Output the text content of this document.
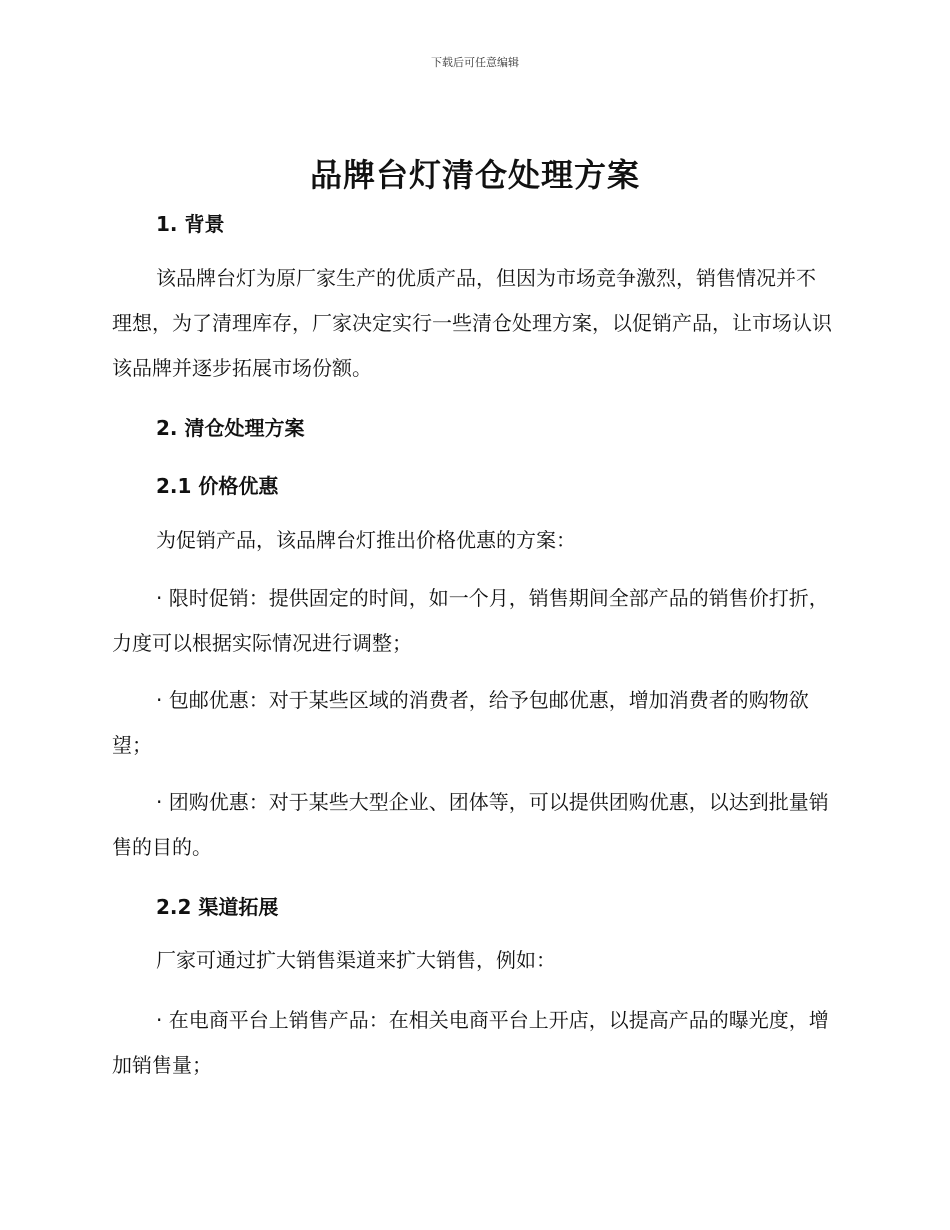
下载后可任意编辑
品牌台灯清仓处理方案
1. 背景

该品牌台灯为原厂家生产的优质产品，但因为市场竞争激烈，销售情况并不理想，为了清理库存，厂家决定实行一些清仓处理方案，以促销产品，让市场认识该品牌并逐步拓展市场份额。

2. 清仓处理方案
2.1 价格优惠

为促销产品，该品牌台灯推出价格优惠的方案：

· 限时促销：提供固定的时间，如一个月，销售期间全部产品的销售价打折，力度可以根据实际情况进行调整；

· 包邮优惠：对于某些区域的消费者，给予包邮优惠，增加消费者的购物欲望；

· 团购优惠：对于某些大型企业、团体等，可以提供团购优惠，以达到批量销售的目的。

2.2 渠道拓展

厂家可通过扩大销售渠道来扩大销售，例如：

· 在电商平台上销售产品：在相关电商平台上开店，以提高产品的曝光度，增加销售量；
